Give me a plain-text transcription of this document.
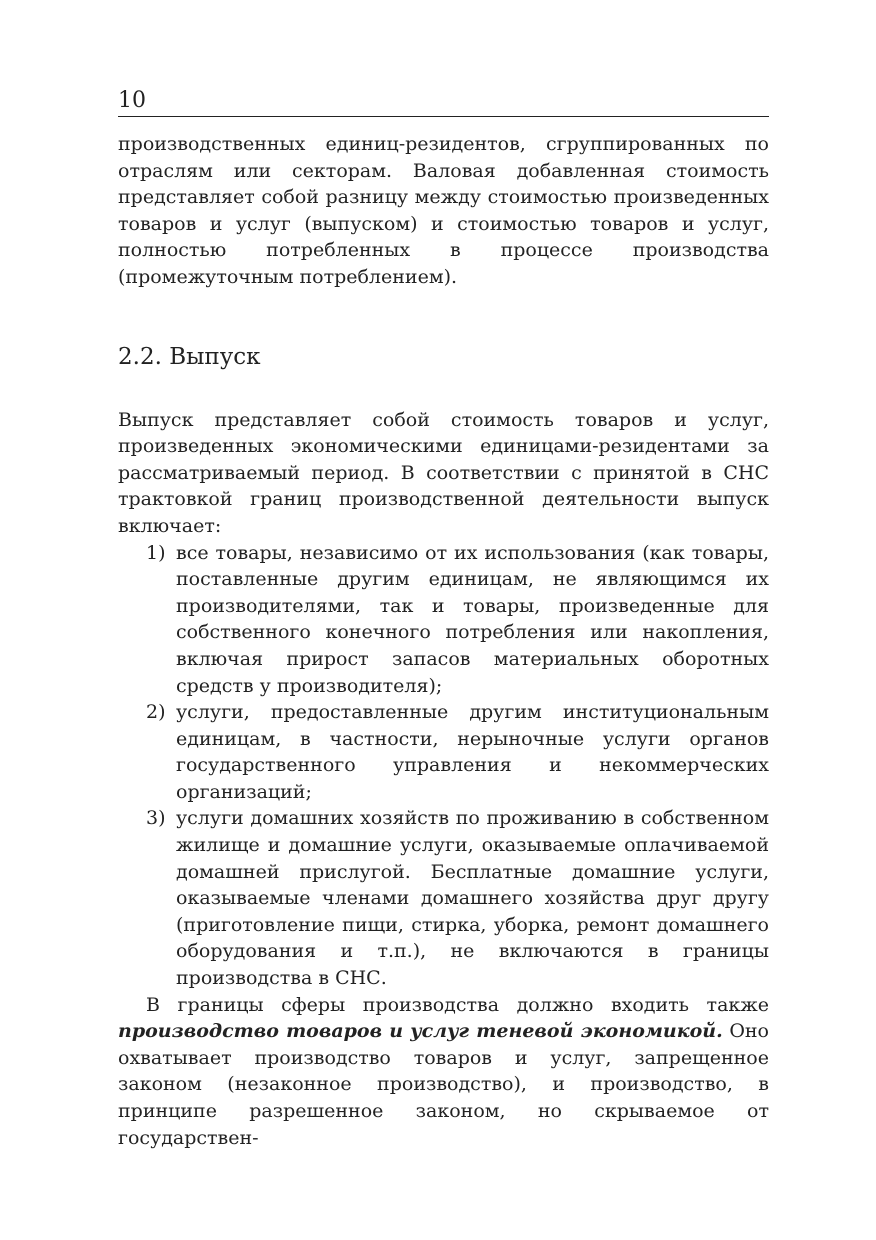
10

производственных единиц-резидентов, сгруппированных по отраслям или секторам. Валовая добавленная стоимость представляет собой разницу между стоимостью произведенных товаров и услуг (выпуском) и стоимостью товаров и услуг, полностью потребленных в процессе производства (промежуточным потреблением).

2.2. Выпуск

Выпуск представляет собой стоимость товаров и услуг, произведенных экономическими единицами-резидентами за рассматриваемый период. В соответствии с принятой в СНС трактовкой границ производственной деятельности выпуск включает:

1) все товары, независимо от их использования (как товары, поставленные другим единицам, не являющимся их производителями, так и товары, произведенные для собственного конечного потребления или накопления, включая прирост запасов материальных оборотных средств у производителя);
2) услуги, предоставленные другим институциональным единицам, в частности, нерыночные услуги органов государственного управления и некоммерческих организаций;
3) услуги домашних хозяйств по проживанию в собственном жилище и домашние услуги, оказываемые оплачиваемой домашней прислугой. Бесплатные домашние услуги, оказываемые членами домашнего хозяйства друг другу (приготовление пищи, стирка, уборка, ремонт домашнего оборудования и т.п.), не включаются в границы производства в СНС.

В границы сферы производства должно входить также производство товаров и услуг теневой экономикой. Оно охватывает производство товаров и услуг, запрещенное законом (незаконное производство), и производство, в принципе разрешенное законом, но скрываемое от государствен-
